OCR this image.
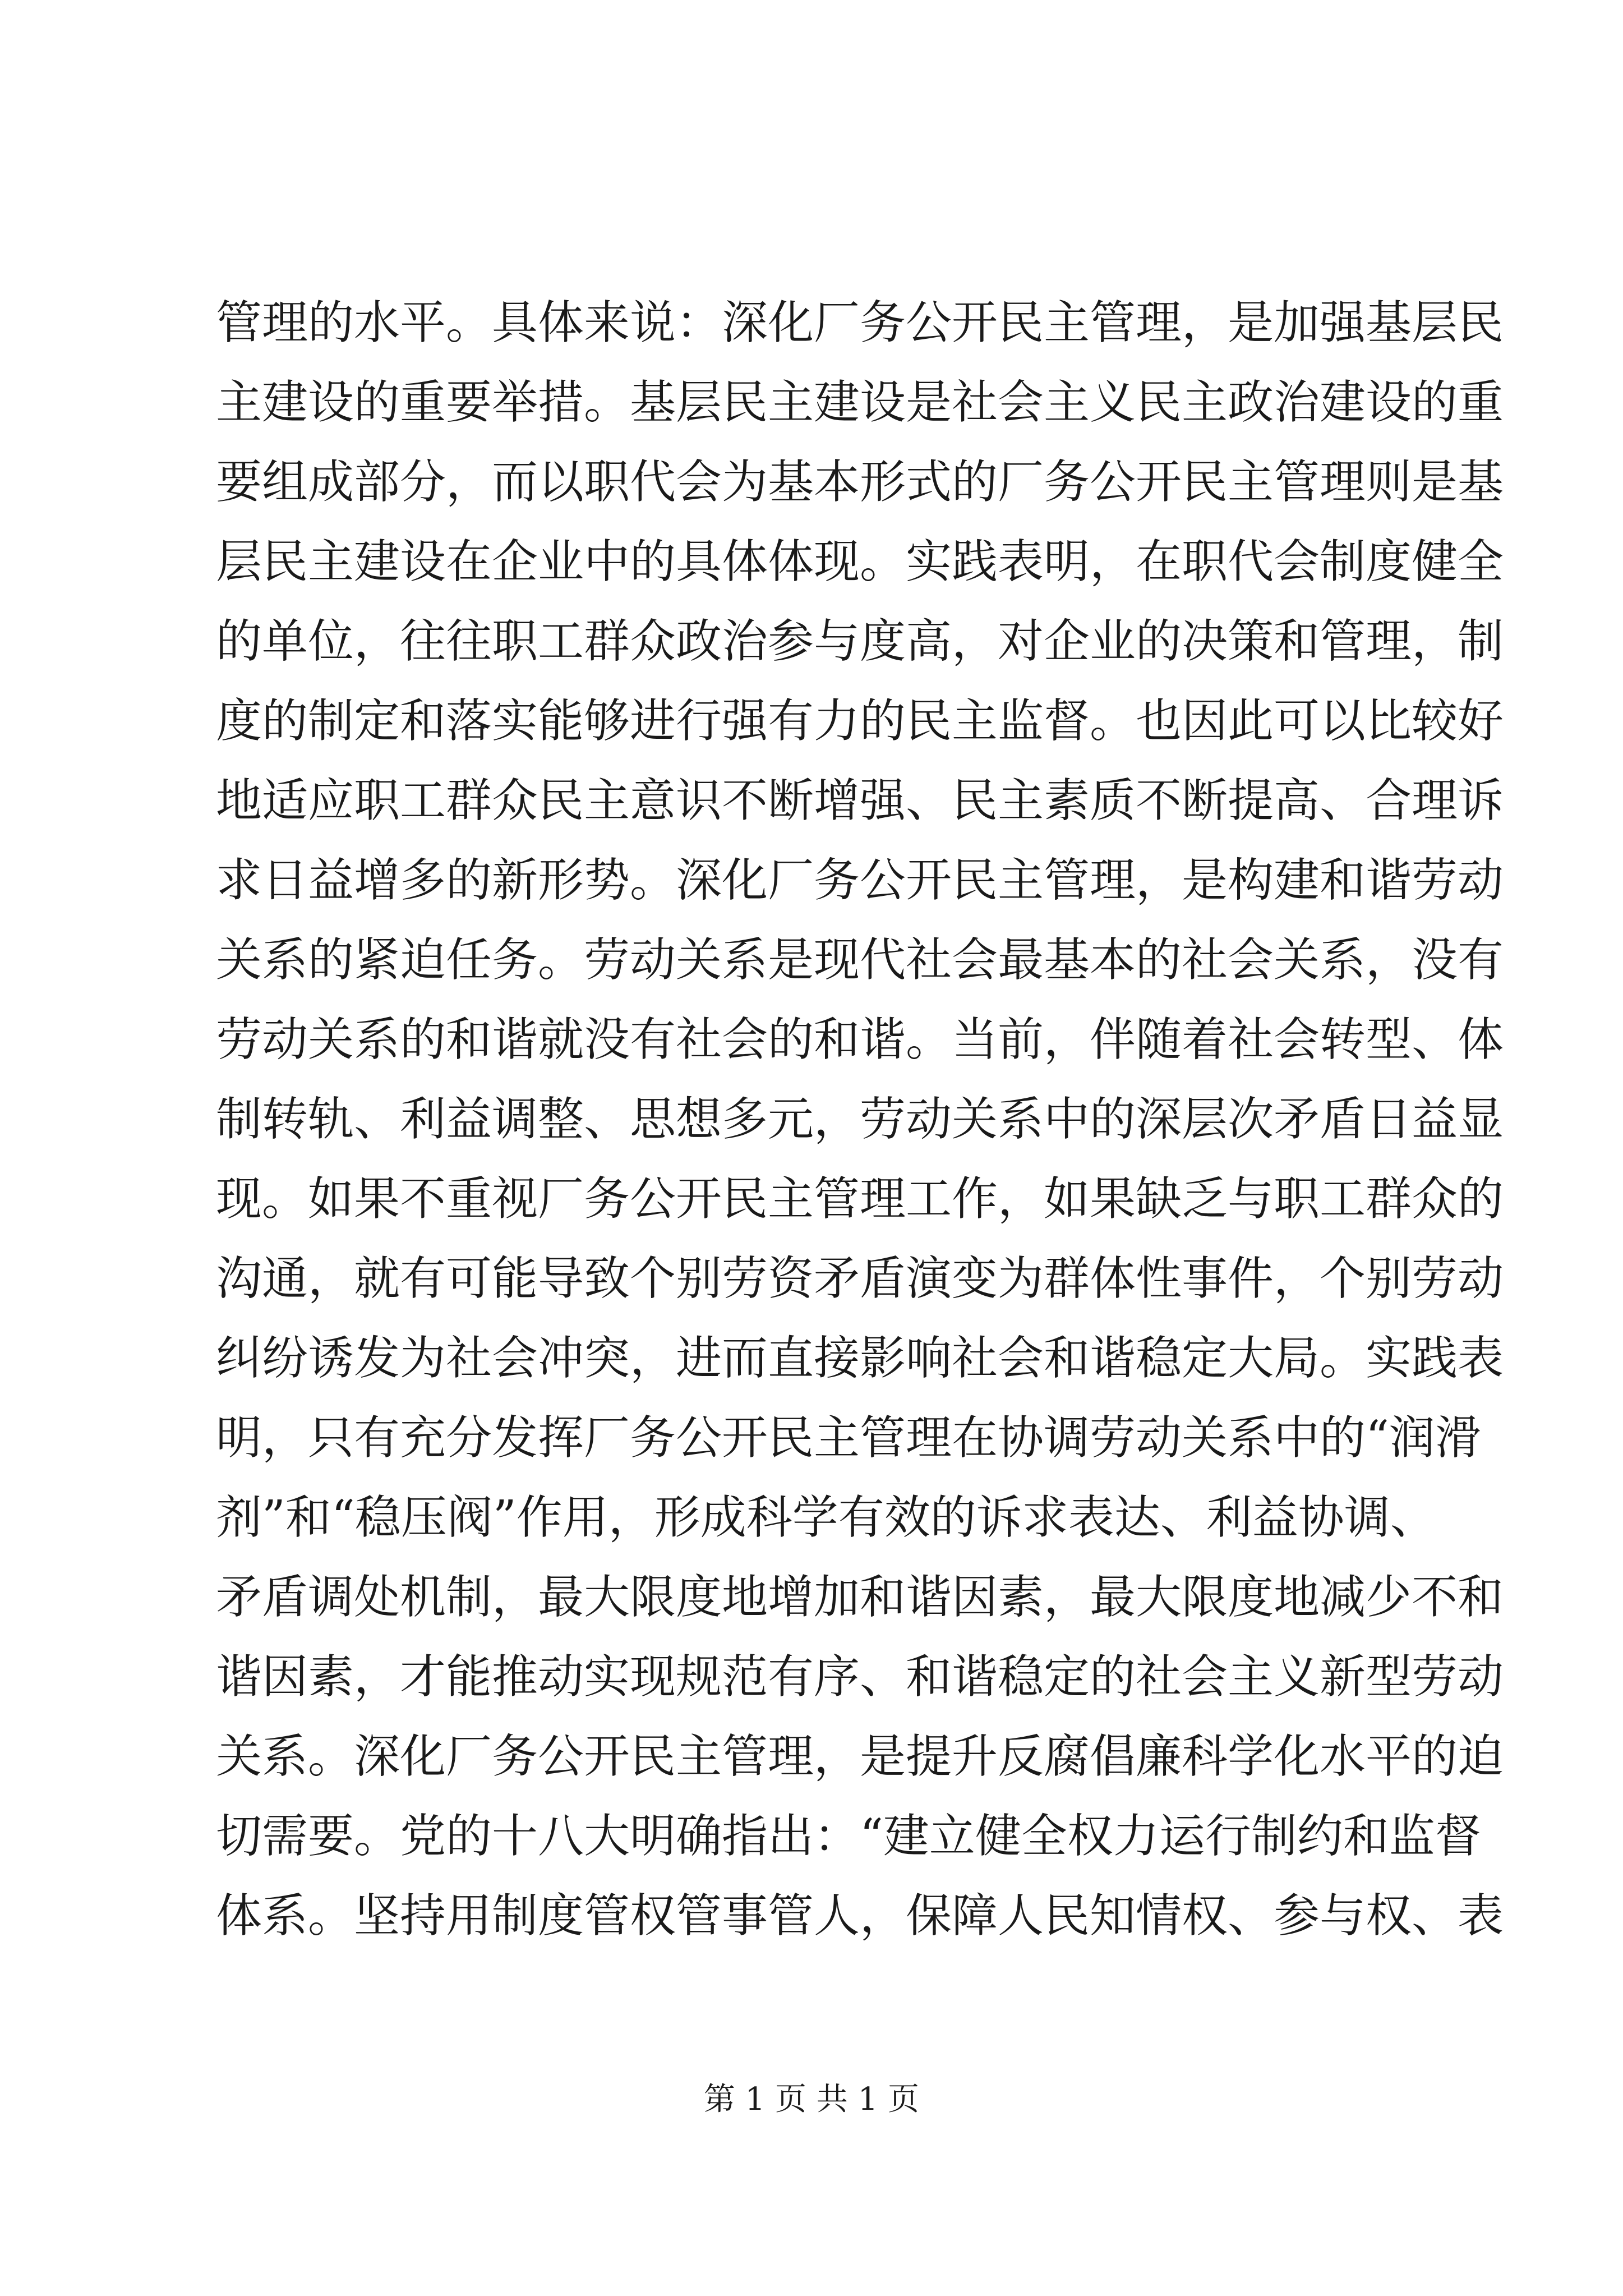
管理的水平。具体来说：深化厂务公开民主管理，是加强基层民
主建设的重要举措。基层民主建设是社会主义民主政治建设的重
要组成部分，而以职代会为基本形式的厂务公开民主管理则是基
层民主建设在企业中的具体体现。实践表明，在职代会制度健全
的单位，往往职工群众政治参与度高，对企业的决策和管理，制
度的制定和落实能够进行强有力的民主监督。也因此可以比较好
地适应职工群众民主意识不断增强、民主素质不断提高、合理诉
求日益增多的新形势。深化厂务公开民主管理，是构建和谐劳动
关系的紧迫任务。劳动关系是现代社会最基本的社会关系，没有
劳动关系的和谐就没有社会的和谐。当前，伴随着社会转型、体
制转轨、利益调整、思想多元，劳动关系中的深层次矛盾日益显
现。如果不重视厂务公开民主管理工作，如果缺乏与职工群众的
沟通，就有可能导致个别劳资矛盾演变为群体性事件，个别劳动
纠纷诱发为社会冲突，进而直接影响社会和谐稳定大局。实践表
明，只有充分发挥厂务公开民主管理在协调劳动关系中的“润滑
剂”和“稳压阀”作用，形成科学有效的诉求表达、利益协调、
矛盾调处机制，最大限度地增加和谐因素，最大限度地减少不和
谐因素，才能推动实现规范有序、和谐稳定的社会主义新型劳动
关系。深化厂务公开民主管理，是提升反腐倡廉科学化水平的迫
切需要。党的十八大明确指出：“建立健全权力运行制约和监督
体系。坚持用制度管权管事管人，保障人民知情权、参与权、表
第 1 页 共 1 页
